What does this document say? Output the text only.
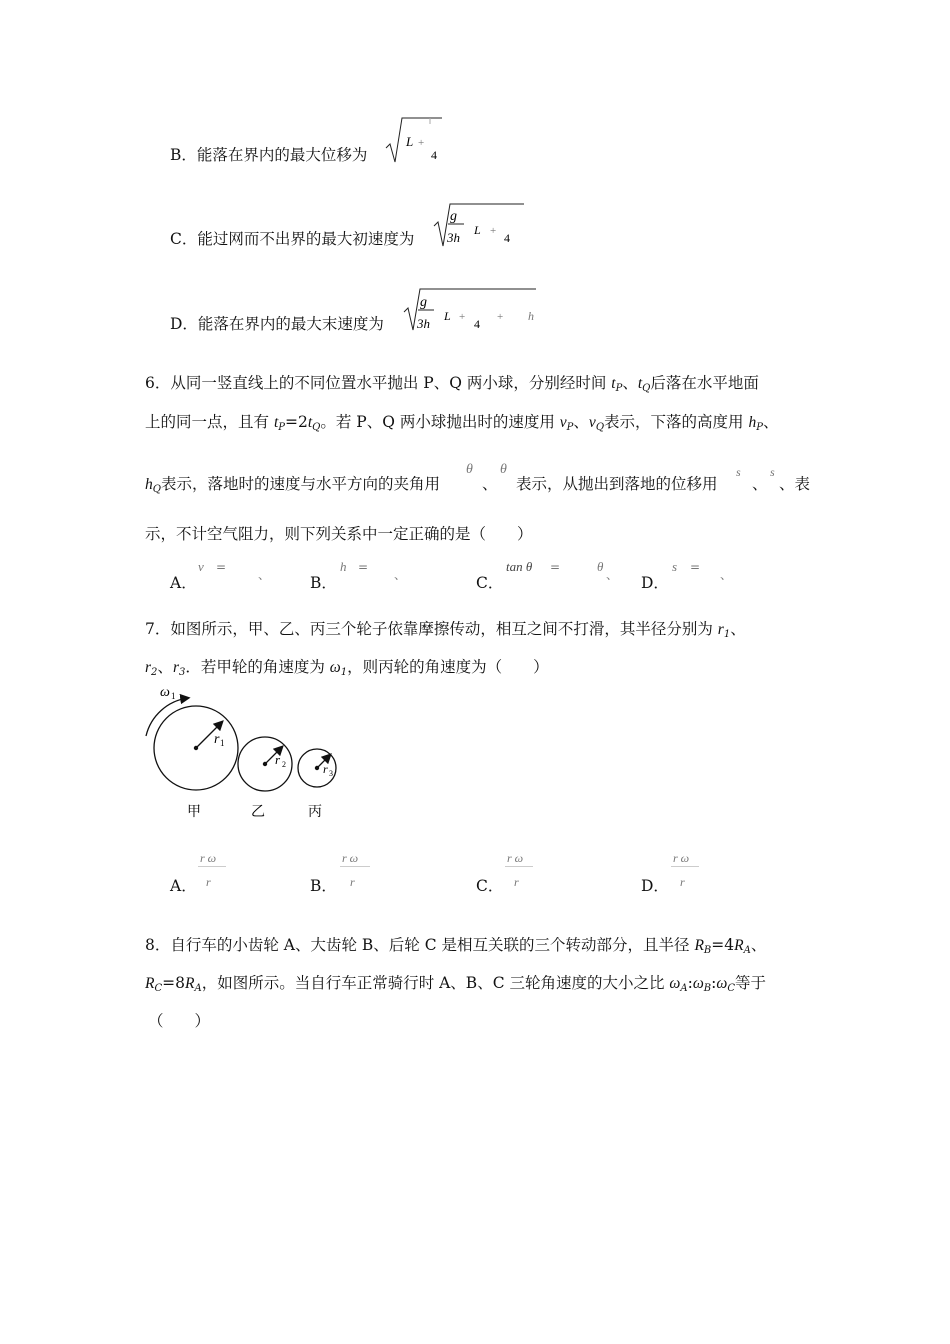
B．能落在界内的最大位移为
L +
4
C．能过网而不出界的最大初速度为
g
3h L + 4
D．能落在界内的最大末速度为
g
3h L + 4 + h
6．从同一竖直线上的不同位置水平抛出 P、Q 两小球，分别经时间 $t_P$、$t_Q$后落在水平地面
上的同一点，且有 $t_P=2t_Q$。若 P、Q 两小球抛出时的速度用 $v_P$、$v_Q$表示，下落的高度用 $h_P$、
$h_Q$表示，落地时的速度与水平方向的夹角用
θ
、
θ
表示，从抛出到落地的位移用
s
、
s
、表
示，不计空气阻力，则下列关系中一定正确的是（　　）
A．
v =
、	B．
h =
、	C．
tan θ =	θ
、 D．
s =
、
7．如图所示，甲、乙、丙三个轮子依靠摩擦传动，相互之间不打滑，其半径分别为 $r_1$、
$r_2$、$r_3$．若甲轮的角速度为 $\omega_1$，则丙轮的角速度为（　　）
ω 1
r 1
r 2	r 3
甲	乙	丙
A．
r ω
r	B．
r ω
r	C．
r ω
r	D．
r ω
r
8．自行车的小齿轮 A、大齿轮 B、后轮 C 是相互关联的三个转动部分，且半径 $R_B=4R_A$、
$R_C=8R_A$，如图所示。当自行车正常骑行时 A、B、C 三轮角速度的大小之比 $\omega_A:\omega_B:\omega_C$等于
（　　）
